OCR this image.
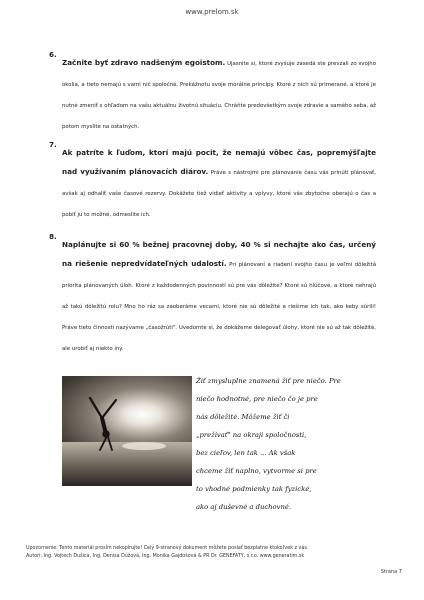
www.prelom.sk
6.
Začnite byť zdravo nadšeným egoistom. Ujasnite si, ktoré zvyšuje zasedá ste prevzali zo svojho okolia, a tieto nemajú s vami nič spoločné. Prekážnotu svoje morálne princípy. Ktoré z nich sú primerané, a ktoré je nutné zmeniť s ohľadom na vašu aktuálnu životnú situáciu. Chráňte predovšetkým svoje zdravie a samého seba, až potom myslite na ostatných.
7.
Ak patríte k ľuďom, ktorí majú pocit, že nemajú vôbec čas, popremýšľajte nad využívaním plánovacích diárov. Práve s nástrojmi pre plánovanie času vás prinúti plánovať, avšak aj odhaliť vaše časové rezervy. Dokážete tiež vidieť aktivity a vplyvy, ktoré vás zbytočne oberajú o čas a pobiť ju to možné, odmeslite ich.
8.
Naplánujte si 60 % bežnej pracovnej doby, 40 % si nechajte ako čas, určený na riešenie nepredvídateľných udalostí. Pri plánovaní a riadení svojho času je veľmi dôležitá priorita plánovaných úloh. Ktoré z každodenných povinností sú pre vás dôležité? Ktoré sú hlúčové, a ktoré nehrajú až takú dôležitú rolu? Mno ho ráz sa zaoberáme vecami, ktoré nie sú dôležité a riešime ich tak, ako keby súrili! Práve tieto činnosti nazývame „časožrúti". Uvedomte si, že dokážeme delegovať úlohy, ktoré nie sú až tak dôležité, ale urobiť aj niekto iný.
Žiť zmysluplne znamená žiť pre niečo. Pre
niečo hodnotné, pre niečo čo je pre
nás dôležité. Môžeme žiť či
„prežívať" na okraji spoločnosti,
bez cieľov, len tak ... Ak však
chceme žiť naplno, vytvorme si pre
to vhodné podmienky tak fyzické,
ako aj duševné a duchovné.
Upozornenie: Tento materiál prosím nekopírujte! Celý 9-stranový dokument môžete poslať bezplatne ktokoľvek z vás.
Autori: Ing. Vojtech Dušica, Ing. Denisa Dúžová, Ing. Monika Gajdošová & PR Dr. GENEFATY, s.r.o. www.generatim.sk
Strana 7
